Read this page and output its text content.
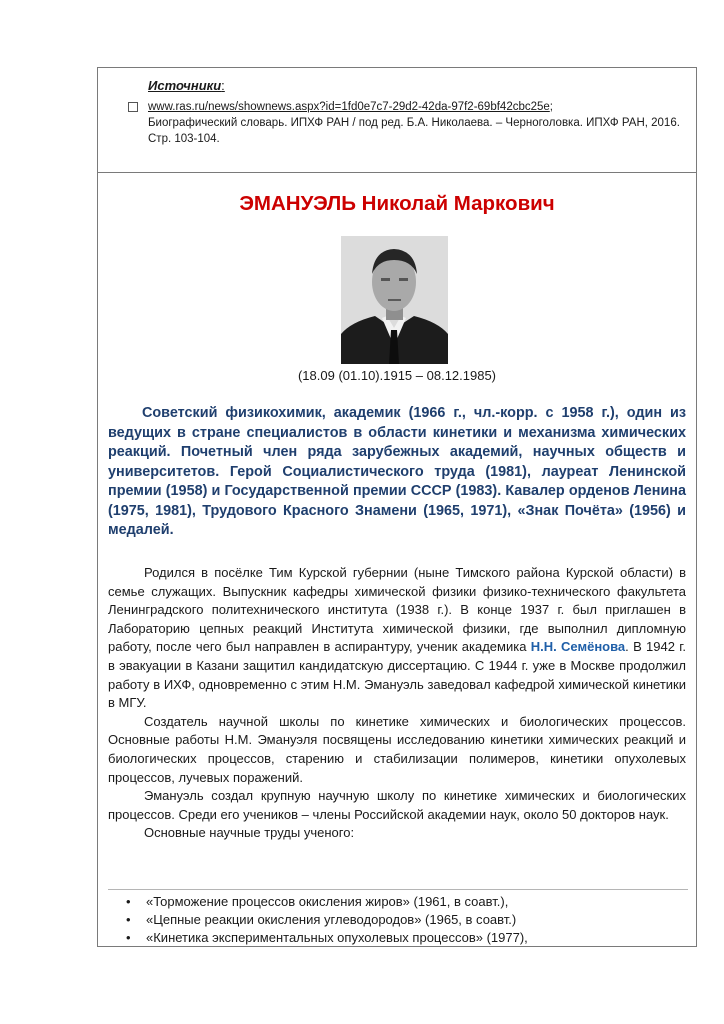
Источники:
www.ras.ru/news/shownews.aspx?id=1fd0e7c7-29d2-42da-97f2-69bf42cbc25e;
Биографический словарь. ИПХФ РАН / под ред. Б.А. Николаева. – Черноголовка. ИПХФ РАН, 2016. Стр. 103-104.
ЭМАНУЭЛЬ Николай Маркович
(18.09 (01.10).1915 – 08.12.1985)

Советский физикохимик, академик (1966 г., чл.-корр. с 1958 г.), один из ведущих в стране специалистов в области кинетики и механизма химических реакций. Почетный член ряда зарубежных академий, научных обществ и университетов. Герой Социалистического труда (1981), лауреат Ленинской премии (1958) и Государственной премии СССР (1983). Кавалер орденов Ленина (1975, 1981), Трудового Красного Знамени (1965, 1971), «Знак Почёта» (1956) и медалей.

Родился в посёлке Тим Курской губернии (ныне Тимского района Курской области) в семье служащих. Выпускник кафедры химической физики физико-технического факультета Ленинградского политехнического института (1938 г.). В конце 1937 г. был приглашен в Лабораторию цепных реакций Института химической физики, где выполнил дипломную работу, после чего был направлен в аспирантуру, ученик академика Н.Н. Семёнова. В 1942 г. в эвакуации в Казани защитил кандидатскую диссертацию. С 1944 г. уже в Москве продолжил работу в ИХФ, одновременно с этим Н.М. Эмануэль заведовал кафедрой химической кинетики в МГУ.

Создатель научной школы по кинетике химических и биологических процессов. Основные работы Н.М. Эмануэля посвящены исследованию кинетики химических реакций и биологических процессов, старению и стабилизации полимеров, кинетики опухолевых процессов, лучевых поражений.

Эмануэль создал крупную научную школу по кинетике химических и биологических процессов. Среди его учеников – члены Российской академии наук, около 50 докторов наук.

Основные научные труды ученого:

• «Торможение процессов окисления жиров» (1961, в соавт.),
• «Цепные реакции окисления углеводородов» (1965, в соавт.)
• «Кинетика экспериментальных опухолевых процессов» (1977),
